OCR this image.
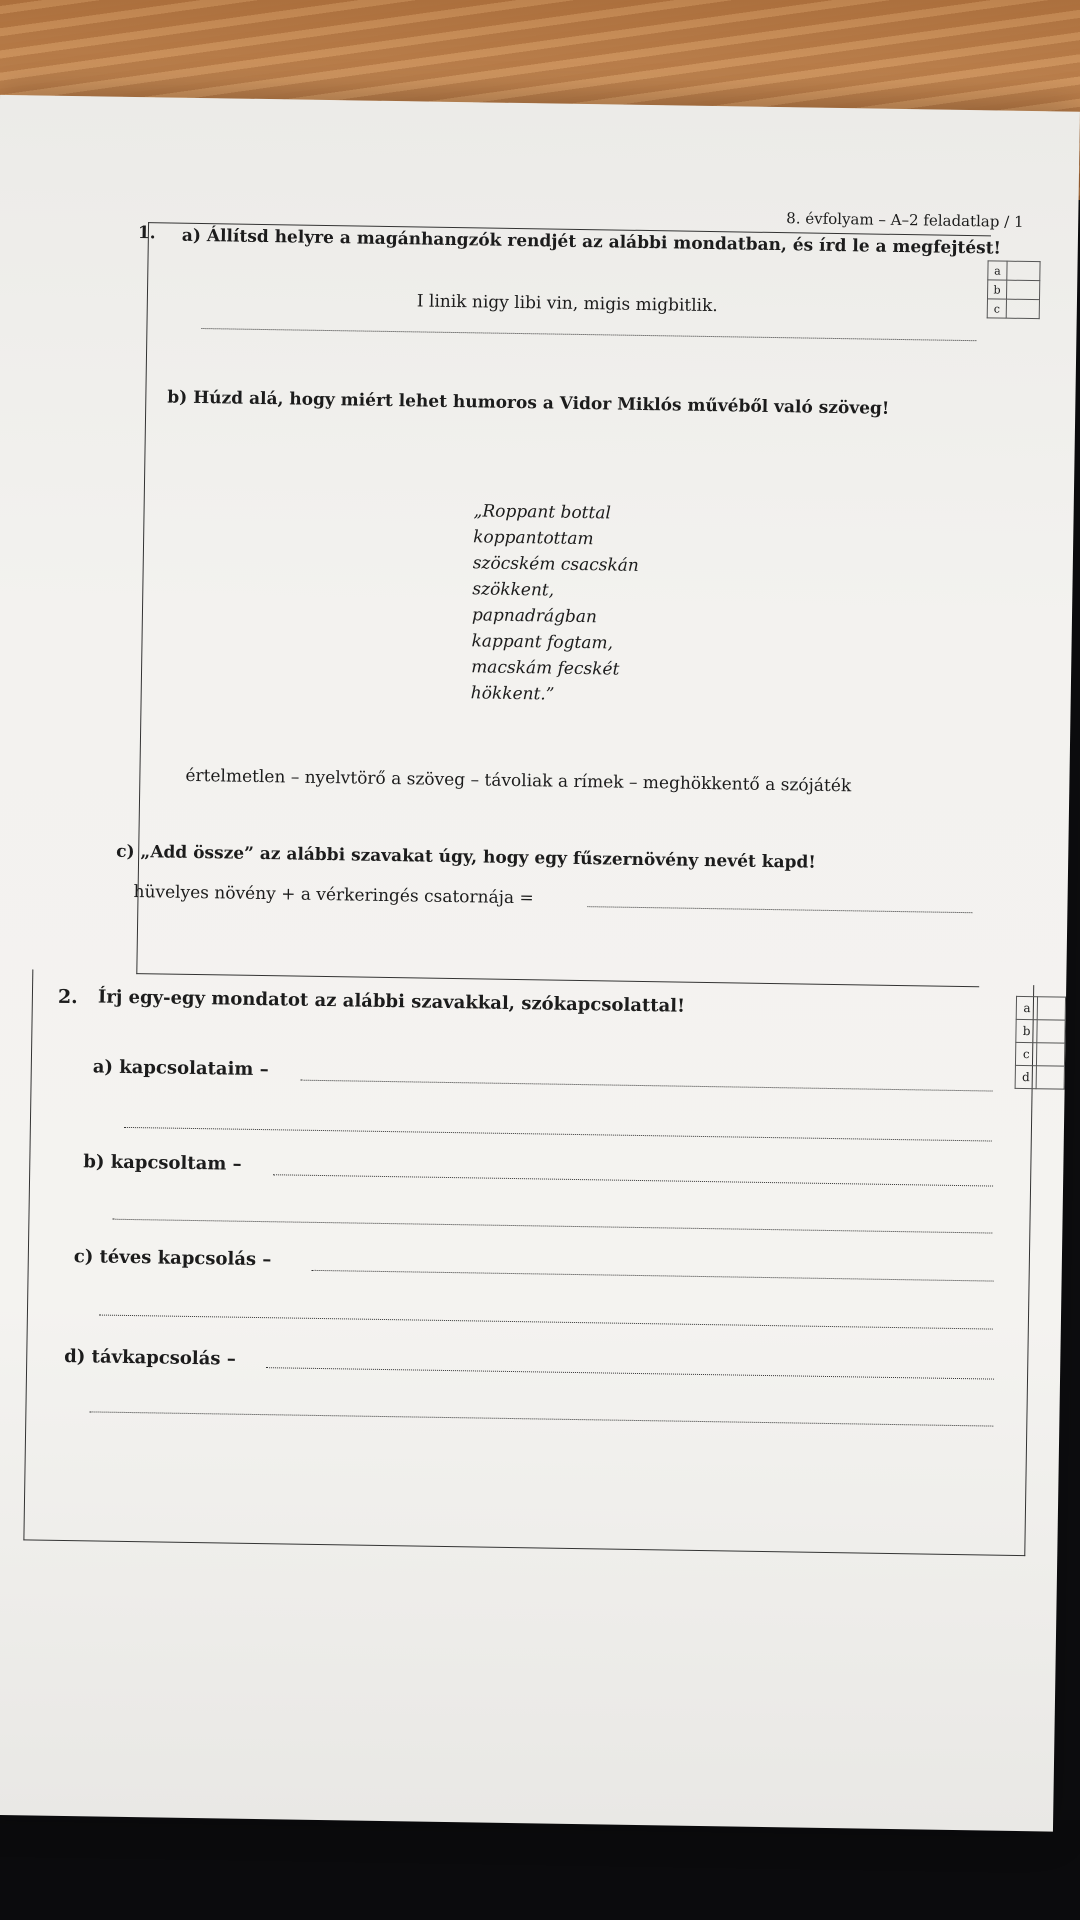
8. évfolyam – A–2 feladatlap / 1
1. a) Állítsd helyre a magánhangzók rendjét az alábbi mondatban, és írd le a megfejtést!
a	
b	
c	
I linik nigy libi vin, migis migbitlik.
b) Húzd alá, hogy miért lehet humoros a Vidor Miklós művéből való szöveg!
„Roppant bottal
koppantottam
szöcském csacskán
szökkent,
papnadrágban
kappant fogtam,
macskám fecskét
hökkent.”
értelmetlen – nyelvtörő a szöveg – távoliak a rímek – meghökkentő a szójáték
c) „Add össze” az alábbi szavakat úgy, hogy egy fűszernövény nevét kapd!
hüvelyes növény + a vérkeringés csatornája =
2. Írj egy-egy mondatot az alábbi szavakkal, szókapcsolattal!	a	
b	
c	
d	
a) kapcsolataim –
b) kapcsoltam –
c) téves kapcsolás –
d) távkapcsolás –
